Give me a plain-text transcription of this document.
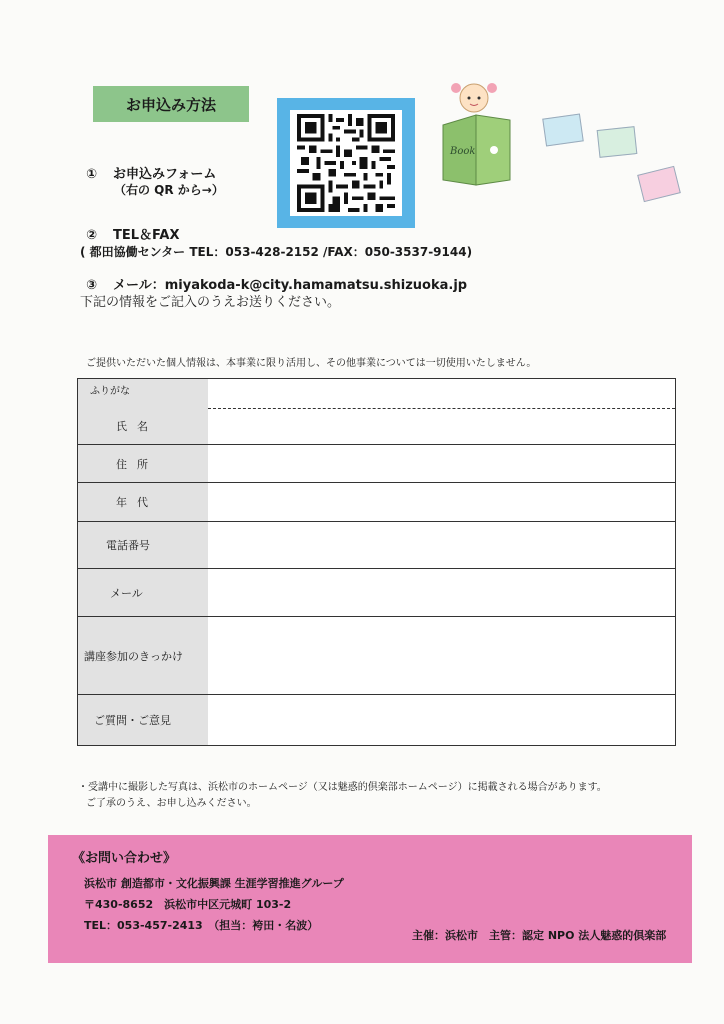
お申込み方法
Book
① お申込みフォーム
（右の QR から→）
② TEL＆FAX
( 都田協働センター TEL：053-428-2152 /FAX：050-3537-9144)
③ メール：miyakoda-k@city.hamamatsu.shizuoka.jp
下記の情報をご記入のうえお送りください。
ご提供いただいた個人情報は、本事業に限り活用し、その他事業については一切使用いたしません。
ふりがな
氏名	

住所	
年代	
電話番号	
メール	
講座参加のきっかけ	
ご質問・ご意見	
・受講中に撮影した写真は、浜松市のホームページ（又は魅惑的倶楽部ホームページ）に掲載される場合があります。
ご了承のうえ、お申し込みください。
《お問い合わせ》
浜松市 創造都市・文化振興課 生涯学習推進グループ
〒430-8652　浜松市中区元城町 103-2
TEL：053-457-2413　（担当：袴田・名波）
主催：浜松市　主管：認定 NPO 法人魅惑的倶楽部
